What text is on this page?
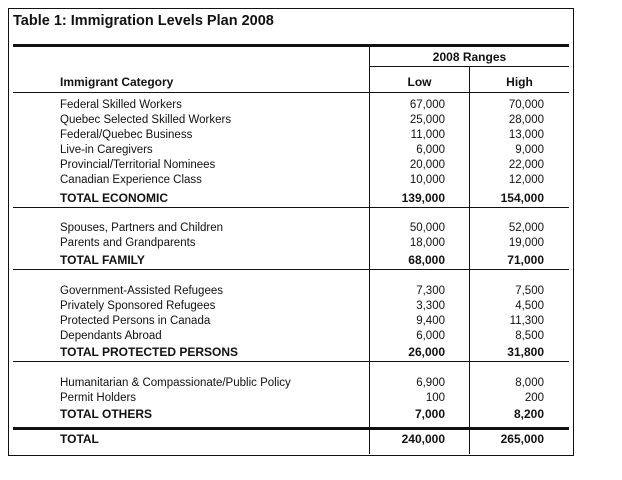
Table 1: Immigration Levels Plan 2008
2008 Ranges
Immigrant Category	Low	High
Federal Skilled Workers	67,000	70,000
Quebec Selected Skilled Workers	25,000	28,000
Federal/Quebec Business	11,000	13,000
Live-in Caregivers	6,000	9,000
Provincial/Territorial Nominees	20,000	22,000
Canadian Experience Class	10,000	12,000
TOTAL ECONOMIC	139,000	154,000
Spouses, Partners and Children	50,000	52,000
Parents and Grandparents	18,000	19,000
TOTAL FAMILY	68,000	71,000
Government-Assisted Refugees	7,300	7,500
Privately Sponsored Refugees	3,300	4,500
Protected Persons in Canada	9,400	11,300
Dependants Abroad	6,000	8,500
TOTAL PROTECTED PERSONS	26,000	31,800
Humanitarian & Compassionate/Public Policy	6,900	8,000
Permit Holders	100	200
TOTAL OTHERS	7,000	8,200
TOTAL	240,000	265,000
